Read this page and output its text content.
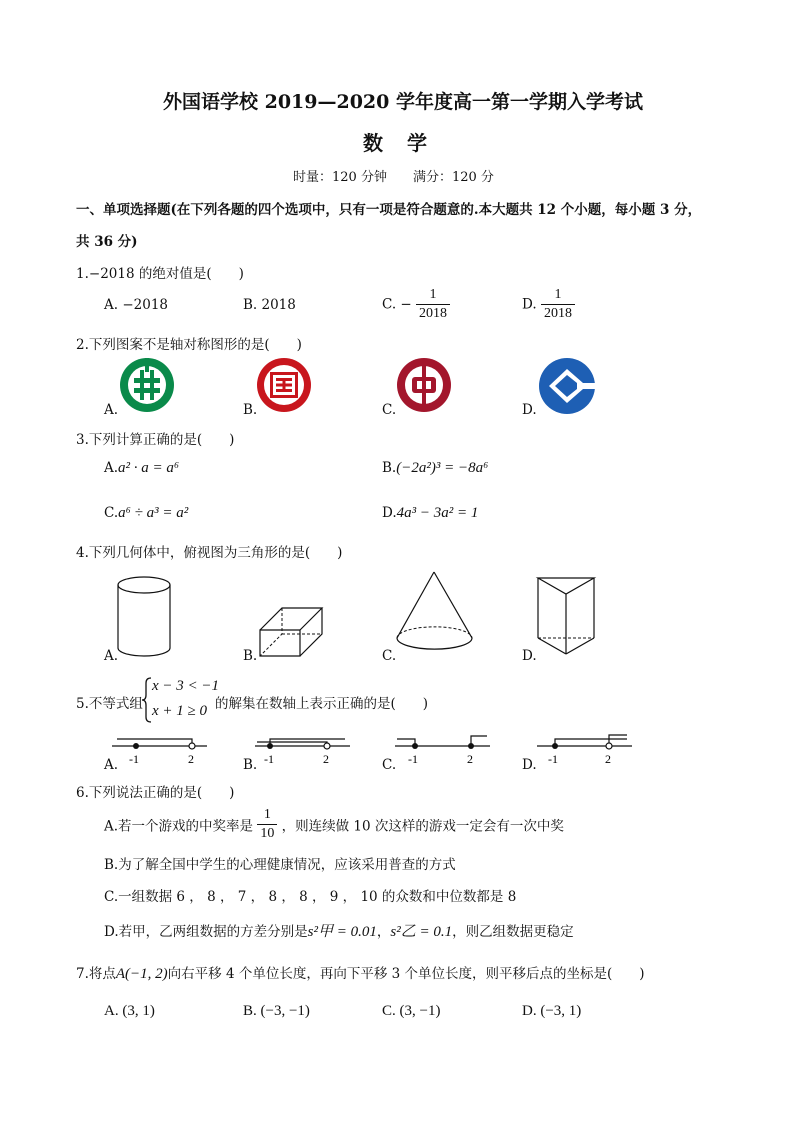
外国语学校 2019—2020 学年度高一第一学期入学考试
数　学
时量：120 分钟　　满分：120 分
一、单项选择题(在下列各题的四个选项中，只有一项是符合题意的.本大题共 12 个小题，每小题 3 分，
共 36 分)
1.−2018 的绝对值是(　　)
A. −2018	B. 2018	C. − $\frac{1}{2018}$	D. $\frac{1}{2018}$
2.下列图案不是轴对称图形的是(　　)
A.	B.	C.	D.
3.下列计算正确的是(　　)
A.a² · a = a⁶	B.(−2a²)³ = −8a⁶
C.a⁶ ÷ a³ = a²	D.4a³ − 3a² = 1
4.下列几何体中，俯视图为三角形的是(　　)
A.	B.	C.	D.
5.不等式组
x − 3 < −1
x + 1 ≥ 0 的解集在数轴上表示正确的是(　　)
-1	2	-1	2	-1	2	-1	2
A.	B.	C.	D.
6.下列说法正确的是(　　)
A.若一个游戏的中奖率是 $\frac{1}{10}$ ，则连续做 10 次这样的游戏一定会有一次中奖
B.为了解全国中学生的心理健康情况，应该采用普查的方式
C.一组数据 6 ， 8 ， 7 ， 8 ， 8 ， 9 ， 10 的众数和中位数都是 8
D.若甲，乙两组数据的方差分别是s²甲 = 0.01，s²乙 = 0.1，则乙组数据更稳定
7.将点A(−1, 2)向右平移 4 个单位长度，再向下平移 3 个单位长度，则平移后点的坐标是(　　)
A. (3, 1)	B. (−3, −1)	C. (3, −1)	D. (−3, 1)
